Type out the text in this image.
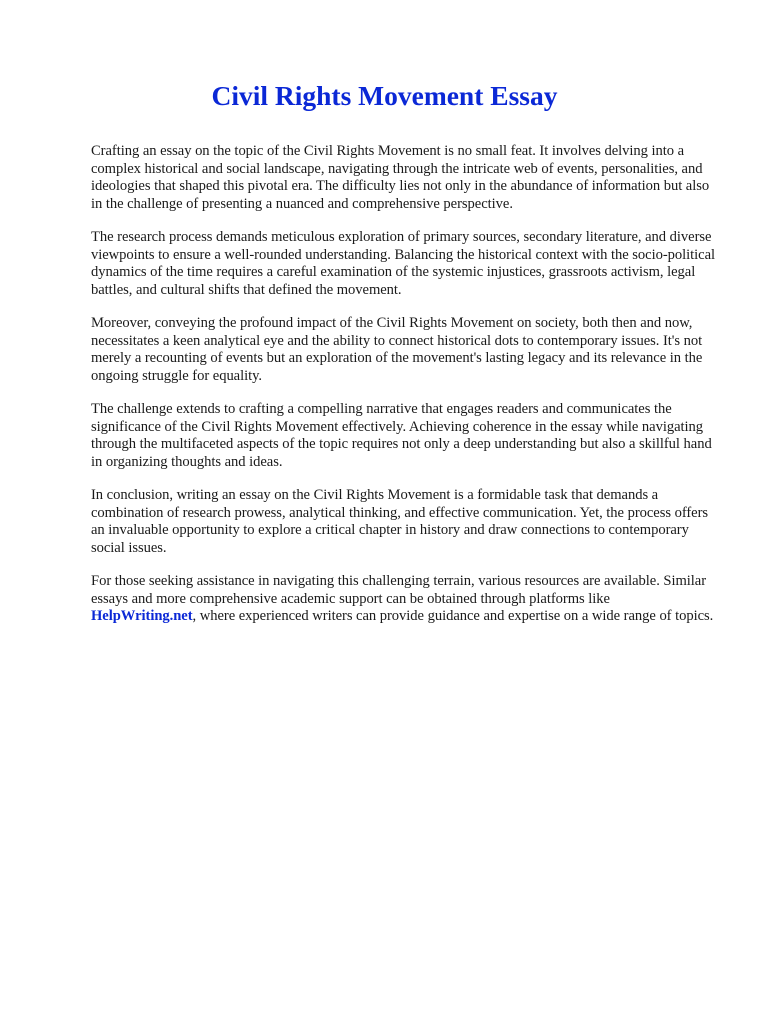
Civil Rights Movement Essay

Crafting an essay on the topic of the Civil Rights Movement is no small feat. It involves delving into a complex historical and social landscape, navigating through the intricate web of events, personalities, and ideologies that shaped this pivotal era. The difficulty lies not only in the abundance of information but also in the challenge of presenting a nuanced and comprehensive perspective.

The research process demands meticulous exploration of primary sources, secondary literature, and diverse viewpoints to ensure a well-rounded understanding. Balancing the historical context with the socio-political dynamics of the time requires a careful examination of the systemic injustices, grassroots activism, legal battles, and cultural shifts that defined the movement.

Moreover, conveying the profound impact of the Civil Rights Movement on society, both then and now, necessitates a keen analytical eye and the ability to connect historical dots to contemporary issues. It's not merely a recounting of events but an exploration of the movement's lasting legacy and its relevance in the ongoing struggle for equality.

The challenge extends to crafting a compelling narrative that engages readers and communicates the significance of the Civil Rights Movement effectively. Achieving coherence in the essay while navigating through the multifaceted aspects of the topic requires not only a deep understanding but also a skillful hand in organizing thoughts and ideas.

In conclusion, writing an essay on the Civil Rights Movement is a formidable task that demands a combination of research prowess, analytical thinking, and effective communication. Yet, the process offers an invaluable opportunity to explore a critical chapter in history and draw connections to contemporary social issues.

For those seeking assistance in navigating this challenging terrain, various resources are available. Similar essays and more comprehensive academic support can be obtained through platforms like HelpWriting.net, where experienced writers can provide guidance and expertise on a wide range of topics.
